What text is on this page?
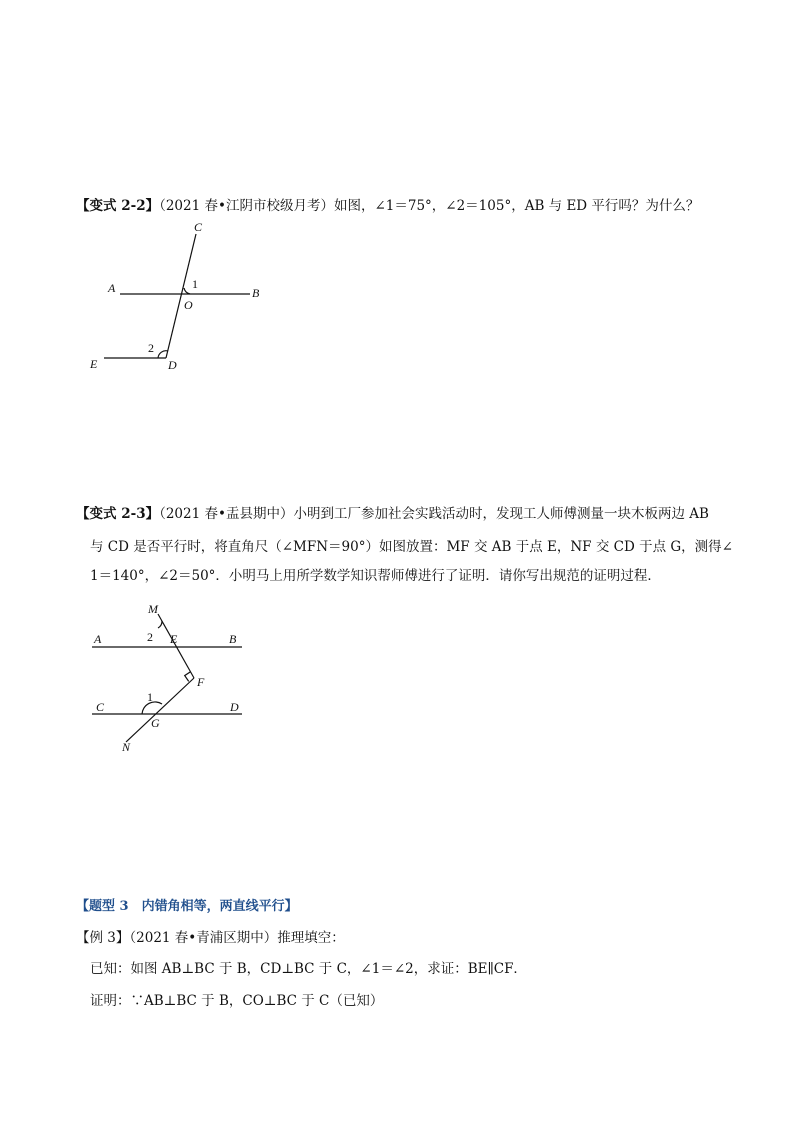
【变式 2-2】（2021 春•江阴市校级月考）如图，∠1＝75°，∠2＝105°，AB 与 ED 平行吗？为什么？
C
A	1
O
B
2
E	D
【变式 2-3】（2021 春•盂县期中）小明到工厂参加社会实践活动时，发现工人师傅测量一块木板两边 AB
与 CD 是否平行时，将直角尺（∠MFN＝90°）如图放置：MF 交 AB 于点 E，NF 交 CD 于点 G，测得∠
1＝140°，∠2＝50°．小明马上用所学数学知识帮师傅进行了证明．请你写出规范的证明过程．
M
A	2 E	B
F
1
C
G
D
N
【题型 3　内错角相等，两直线平行】
【例 3】（2021 春•青浦区期中）推理填空：
已知：如图 AB⊥BC 于 B，CD⊥BC 于 C，∠1＝∠2，求证：BE∥CF．
证明：∵AB⊥BC 于 B，CO⊥BC 于 C（已知）
